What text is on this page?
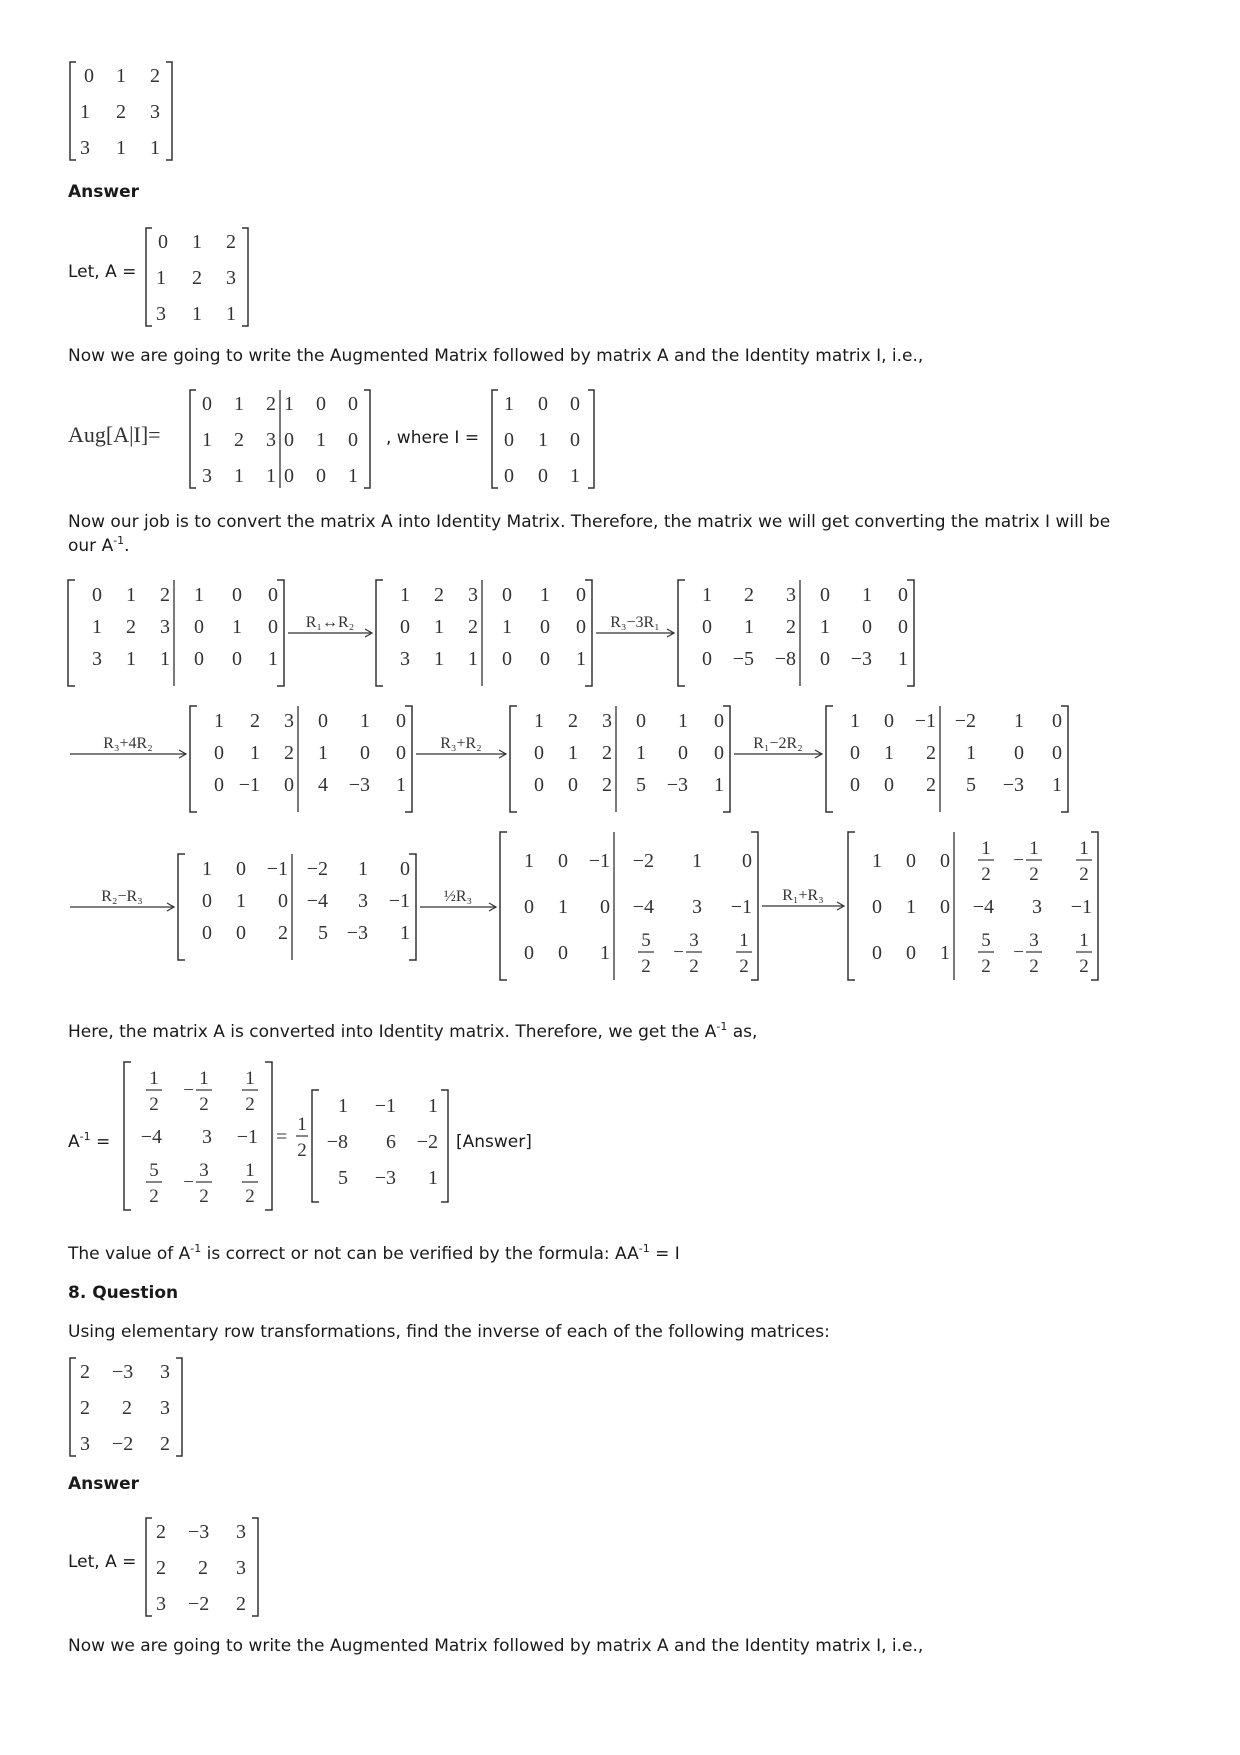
0 1 2
1 2 3
3 1 1
Answer
Let, A =
0 1 2
1 2 3
3 1 1
Now we are going to write the Augmented Matrix followed by matrix A and the Identity matrix I, i.e.,
Aug[A|I]=
0 1 2 1 0 0
1 2 3 0 1 0
3 1 1 0 0 1
, where I =
1 0 0
0 1 0
0 0 1
Now our job is to convert the matrix A into Identity Matrix. Therefore, the matrix we will get converting the matrix I will be
our $A^{-1}$.
0 1 2 1 0 0
1 2 3 0 1 0
3 1 1 0 0 1
R₁↔R₂
1 2 3 0 1 0
0 1 2 1 0 0
3 1 1 0 0 1
R₃−3R₁
1 2 3 0 1 0
0 1 2 1 0 0
0 −5 −8 0 −3 1
R₃+4R₂
1 2 3 0 1 0
0 1 2 1 0 0
0 −1 0 4 −3 1
R₃+R₂
1 2 3 0 1 0
0 1 2 1 0 0
0 0 2 5 −3 1
R₁−2R₂
1 0 −1 −2 1 0
0 1 2 1 0 0
0 0 2 5 −3 1
1 0 −1 −2 1 0
0 1 0 −4 3 −1
0 0 2 5 −3 1
R₂−R₃	½R₃
1 0 −1 −2 1 0
0 1 0 −4 3 −1
0 0 1
5
2
3
2
−
1
2
R₁+R₃
1 0 0
1
2
1
2
−
1
2
0 1 0 −4 3 −1
0 0 1
5
2
3
2
−
1
2
Here, the matrix A is converted into Identity matrix. Therefore, we get the $A^{-1}$ as,
$A^{-1}$ =
1
2
1
2
−
1
2
−4 3 −1
5
2
3
2
−
1
2
=
1
2
1 −1 1
−8 6 −2
5 −3 1
[Answer]
The value of $A^{-1}$ is correct or not can be verified by the formula: $AA^{-1} = I$
8. Question
Using elementary row transformations, find the inverse of each of the following matrices:
2 −3 3
2 2 3
3 −2 2
Answer
Let, A =
2 −3 3
2 2 3
3 −2 2
Now we are going to write the Augmented Matrix followed by matrix A and the Identity matrix I, i.e.,
